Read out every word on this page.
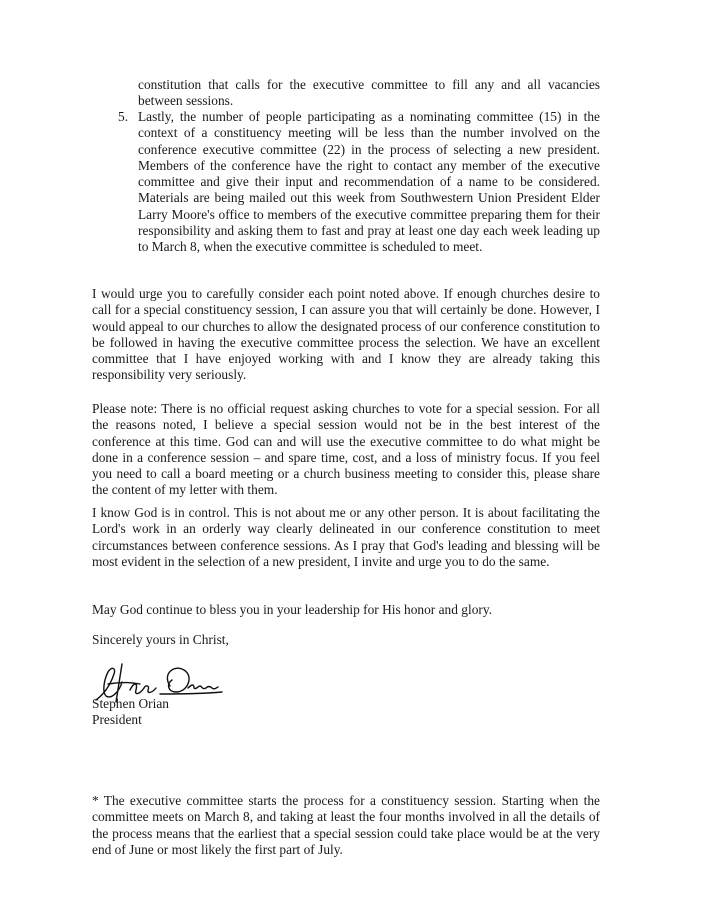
constitution that calls for the executive committee to fill any and all vacancies between sessions.

5. Lastly, the number of people participating as a nominating committee (15) in the context of a constituency meeting will be less than the number involved on the conference executive committee (22) in the process of selecting a new president. Members of the conference have the right to contact any member of the executive committee and give their input and recommendation of a name to be considered. Materials are being mailed out this week from Southwestern Union President Elder Larry Moore's office to members of the executive committee preparing them for their responsibility and asking them to fast and pray at least one day each week leading up to March 8, when the executive committee is scheduled to meet.

I would urge you to carefully consider each point noted above. If enough churches desire to call for a special constituency session, I can assure you that will certainly be done. However, I would appeal to our churches to allow the designated process of our conference constitution to be followed in having the executive committee process the selection. We have an excellent committee that I have enjoyed working with and I know they are already taking this responsibility very seriously.

Please note: There is no official request asking churches to vote for a special session. For all the reasons noted, I believe a special session would not be in the best interest of the conference at this time. God can and will use the executive committee to do what might be done in a conference session – and spare time, cost, and a loss of ministry focus. If you feel you need to call a board meeting or a church business meeting to consider this, please share the content of my letter with them.

I know God is in control. This is not about me or any other person. It is about facilitating the Lord's work in an orderly way clearly delineated in our conference constitution to meet circumstances between conference sessions. As I pray that God's leading and blessing will be most evident in the selection of a new president, I invite and urge you to do the same.

May God continue to bless you in your leadership for His honor and glory.

Sincerely yours in Christ,

Stephen Orian

President

* The executive committee starts the process for a constituency session. Starting when the committee meets on March 8, and taking at least the four months involved in all the details of the process means that the earliest that a special session could take place would be at the very end of June or most likely the first part of July.
